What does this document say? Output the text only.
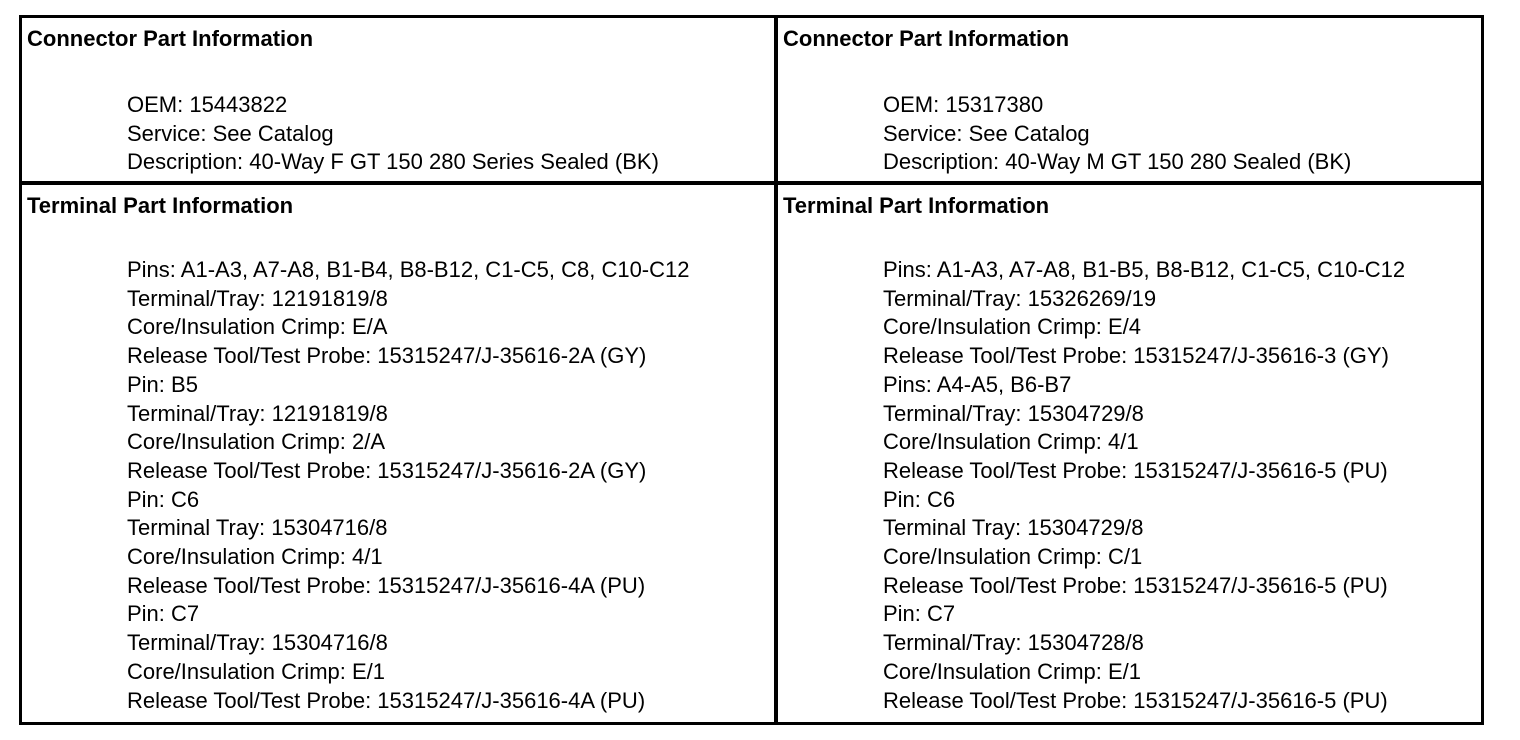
Connector Part Information
OEM: 15443822
Service: See Catalog
Description: 40-Way F GT 150 280 Series Sealed (BK)
Connector Part Information
OEM: 15317380
Service: See Catalog
Description: 40-Way M GT 150 280 Sealed (BK)
Terminal Part Information
Pins: A1-A3, A7-A8, B1-B4, B8-B12, C1-C5, C8, C10-C12
Terminal/Tray: 12191819/8
Core/Insulation Crimp: E/A
Release Tool/Test Probe: 15315247/J-35616-2A (GY)
Pin: B5
Terminal/Tray: 12191819/8
Core/Insulation Crimp: 2/A
Release Tool/Test Probe: 15315247/J-35616-2A (GY)
Pin: C6
Terminal Tray: 15304716/8
Core/Insulation Crimp: 4/1
Release Tool/Test Probe: 15315247/J-35616-4A (PU)
Pin: C7
Terminal/Tray: 15304716/8
Core/Insulation Crimp: E/1
Release Tool/Test Probe: 15315247/J-35616-4A (PU)
Terminal Part Information
Pins: A1-A3, A7-A8, B1-B5, B8-B12, C1-C5, C10-C12
Terminal/Tray: 15326269/19
Core/Insulation Crimp: E/4
Release Tool/Test Probe: 15315247/J-35616-3 (GY)
Pins: A4-A5, B6-B7
Terminal/Tray: 15304729/8
Core/Insulation Crimp: 4/1
Release Tool/Test Probe: 15315247/J-35616-5 (PU)
Pin: C6
Terminal Tray: 15304729/8
Core/Insulation Crimp: C/1
Release Tool/Test Probe: 15315247/J-35616-5 (PU)
Pin: C7
Terminal/Tray: 15304728/8
Core/Insulation Crimp: E/1
Release Tool/Test Probe: 15315247/J-35616-5 (PU)
